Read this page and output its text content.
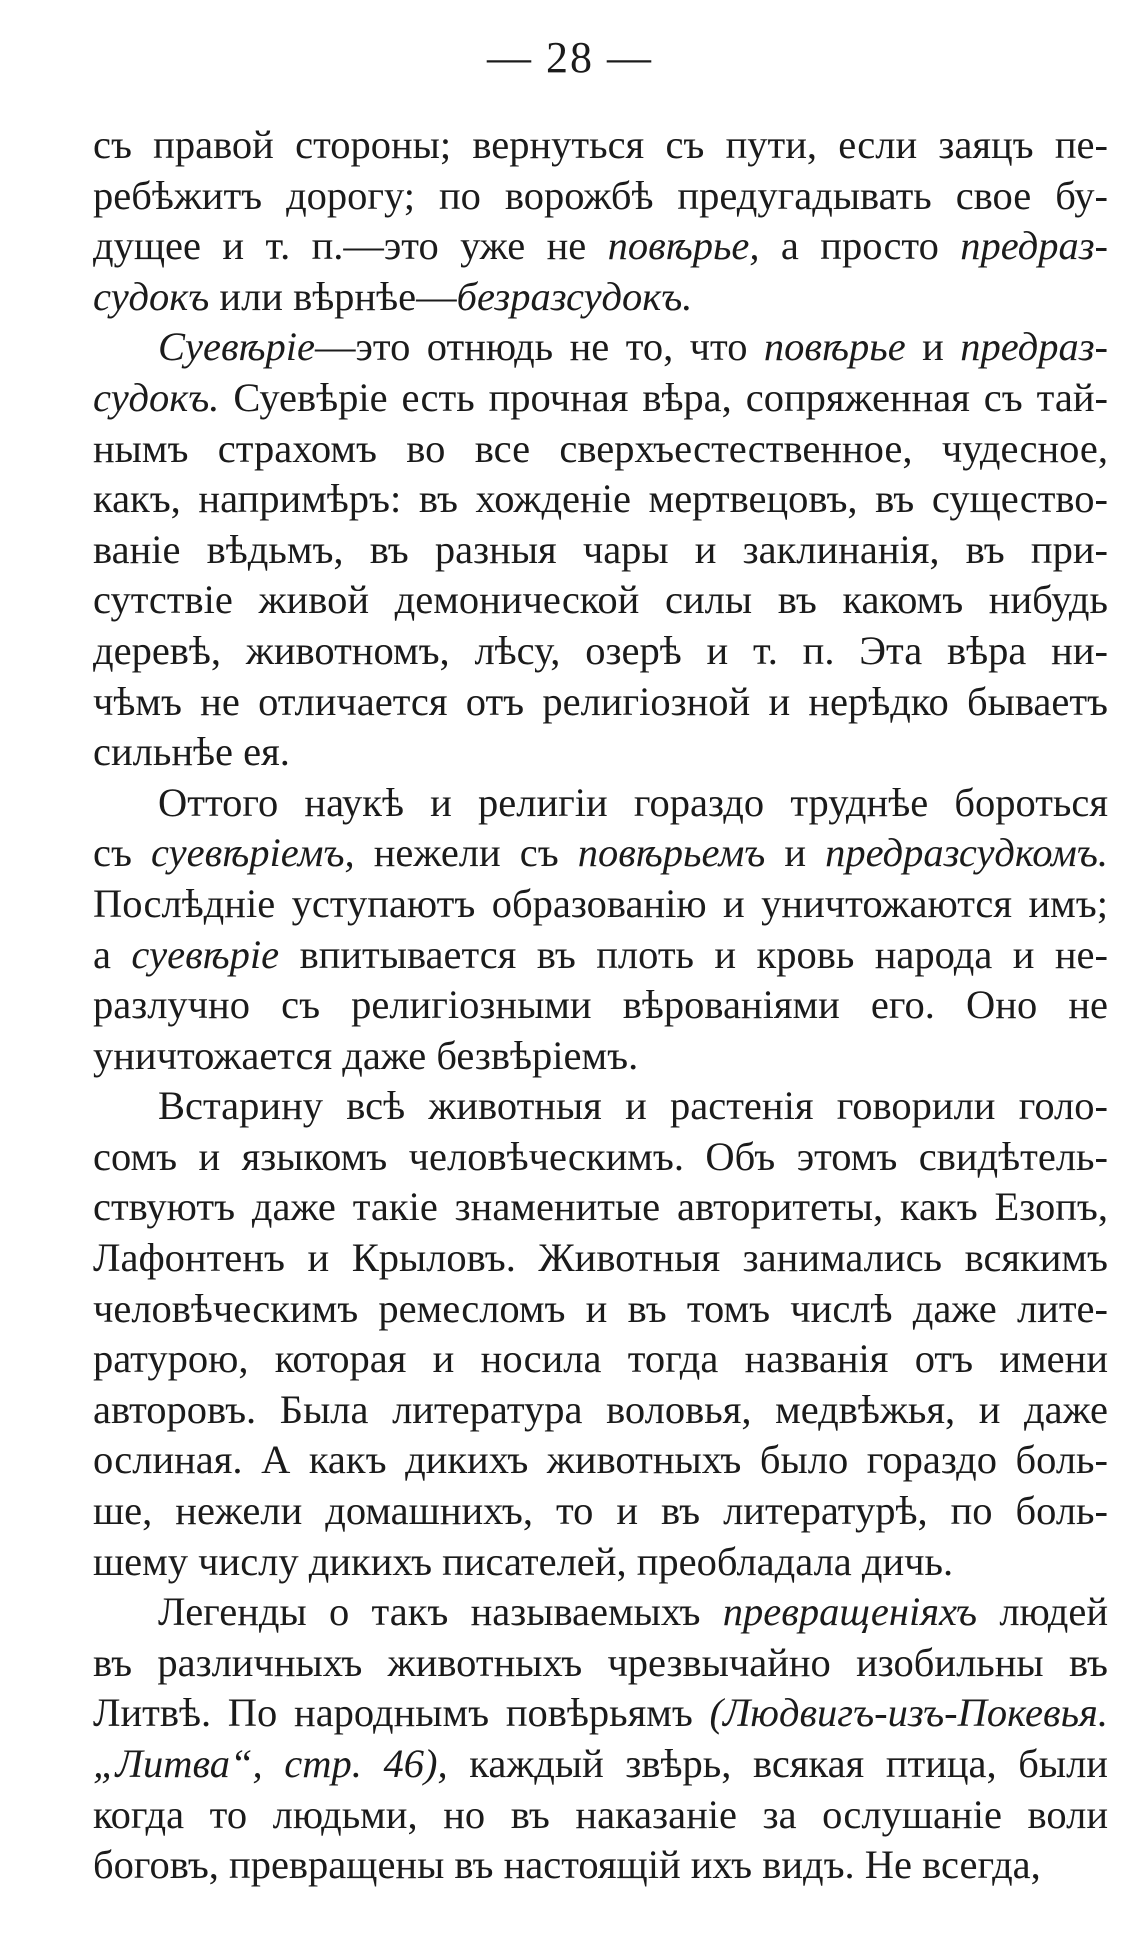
— 28 —
съ правой стороны; вернуться съ пути, если заяцъ пе-
ребѣжитъ дорогу; по ворожбѣ предугадывать свое бу-
дущее и т. п.—это уже не повѣрье, а просто предраз-
судокъ или вѣрнѣе—безразсудокъ.
Суевѣріе—это отнюдь не то, что повѣрье и предраз-
судокъ. Суевѣріе есть прочная вѣра, сопряженная съ тай-
нымъ страхомъ во все сверхъестественное, чудесное,
какъ, напримѣръ: въ хожденіе мертвецовъ, въ существо-
ваніе вѣдьмъ, въ разныя чары и заклинанія, въ при-
сутствіе живой демонической силы въ какомъ нибудь
деревѣ, животномъ, лѣсу, озерѣ и т. п. Эта вѣра ни-
чѣмъ не отличается отъ религіозной и нерѣдко бываетъ
сильнѣе ея.
Оттого наукѣ и религіи гораздо труднѣе бороться
съ суевѣріемъ, нежели съ повѣрьемъ и предразсудкомъ.
Послѣдніе уступаютъ образованію и уничтожаются имъ;
а суевѣріе впитывается въ плоть и кровь народа и не-
разлучно съ религіозными вѣрованіями его. Оно не
уничтожается даже безвѣріемъ.
Встарину всѣ животныя и растенія говорили голо-
сомъ и языкомъ человѣческимъ. Объ этомъ свидѣтель-
ствуютъ даже такіе знаменитые авторитеты, какъ Езопъ,
Лафонтенъ и Крыловъ. Животныя занимались всякимъ
человѣческимъ ремесломъ и въ томъ числѣ даже лите-
ратурою, которая и носила тогда названія отъ имени
авторовъ. Была литература воловья, медвѣжья, и даже
ослиная. А какъ дикихъ животныхъ было гораздо боль-
ше, нежели домашнихъ, то и въ литературѣ, по боль-
шему числу дикихъ писателей, преобладала дичь.
Легенды о такъ называемыхъ превращеніяхъ людей
въ различныхъ животныхъ чрезвычайно изобильны въ
Литвѣ. По народнымъ повѣрьямъ (Людвигъ-изъ-Покевья.
„Литва“, стр. 46), каждый звѣрь, всякая птица, были
когда то людьми, но въ наказаніе за ослушаніе воли
боговъ, превращены въ настоящій ихъ видъ. Не всегда,
